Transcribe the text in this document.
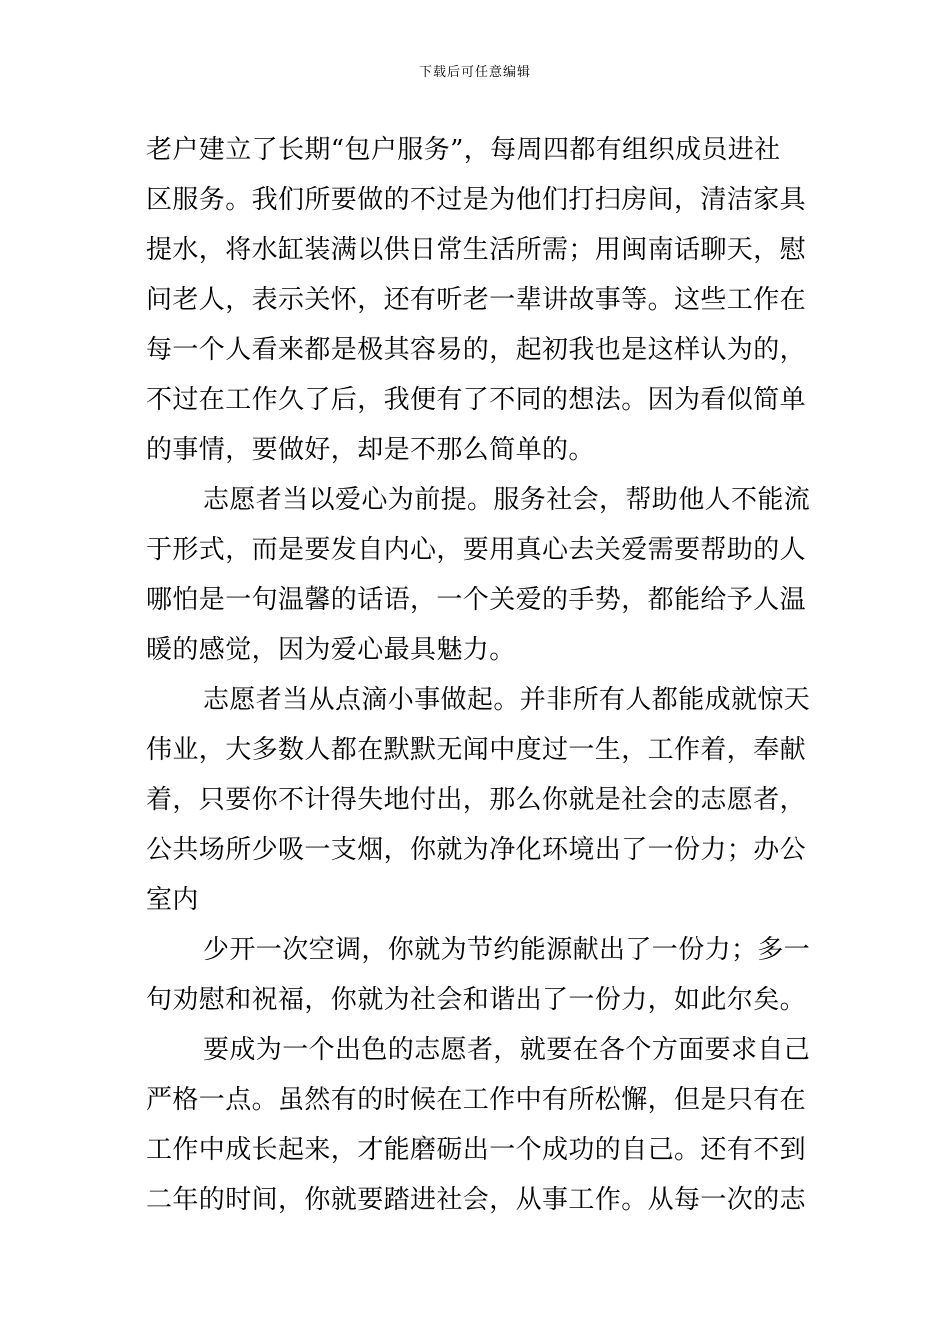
下载后可任意编辑
老户建立了长期“包户服务”，每周四都有组织成员进社
区服务。我们所要做的不过是为他们打扫房间，清洁家具
提水，将水缸装满以供日常生活所需；用闽南话聊天，慰
问老人，表示关怀，还有听老一辈讲故事等。这些工作在
每一个人看来都是极其容易的，起初我也是这样认为的，
不过在工作久了后，我便有了不同的想法。因为看似简单
的事情，要做好，却是不那么简单的。
志愿者当以爱心为前提。服务社会，帮助他人不能流
于形式，而是要发自内心，要用真心去关爱需要帮助的人
哪怕是一句温馨的话语，一个关爱的手势，都能给予人温
暖的感觉，因为爱心最具魅力。
志愿者当从点滴小事做起。并非所有人都能成就惊天
伟业，大多数人都在默默无闻中度过一生，工作着，奉献
着，只要你不计得失地付出，那么你就是社会的志愿者，
公共场所少吸一支烟，你就为净化环境出了一份力；办公
室内
少开一次空调，你就为节约能源献出了一份力；多一
句劝慰和祝福，你就为社会和谐出了一份力，如此尔矣。
要成为一个出色的志愿者，就要在各个方面要求自己
严格一点。虽然有的时候在工作中有所松懈，但是只有在
工作中成长起来，才能磨砺出一个成功的自己。还有不到
二年的时间，你就要踏进社会，从事工作。从每一次的志
